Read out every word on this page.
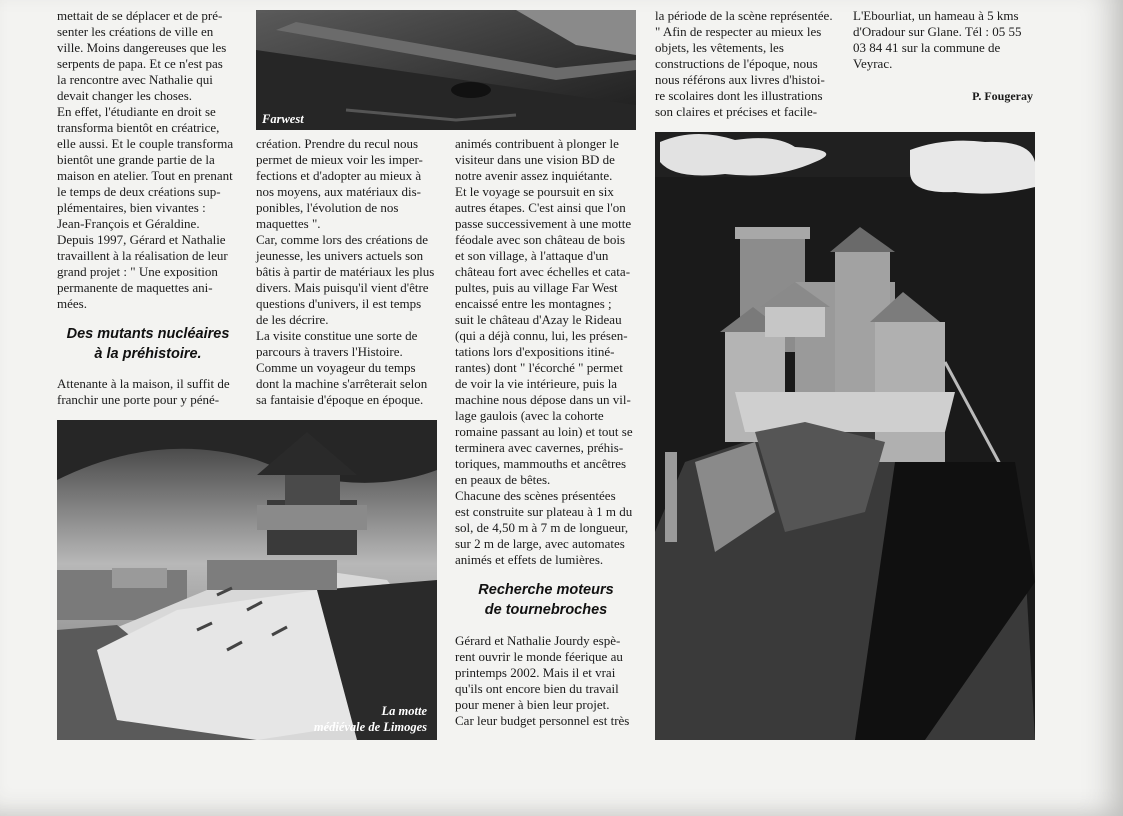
mettait de se déplacer et de pré-
senter les créations de ville en
ville. Moins dangereuses que les
serpents de papa. Et ce n'est pas
la rencontre avec Nathalie qui
devait changer les choses.
En effet, l'étudiante en droit se
transforma bientôt en créatrice,
elle aussi. Et le couple transforma
bientôt une grande partie de la
maison en atelier. Tout en prenant
le temps de deux créations sup-
plémentaires, bien vivantes :
Jean-François et Géraldine.
Depuis 1997, Gérard et Nathalie
travaillent à la réalisation de leur
grand projet : " Une exposition
permanente de maquettes ani-
mées.
Des mutants nucléaires
à la préhistoire.
Attenante à la maison, il suffit de
franchir une porte pour y péné-
Farwest
création. Prendre du recul nous
permet de mieux voir les imper-
fections et d'adopter au mieux à
nos moyens, aux matériaux dis-
ponibles, l'évolution de nos
maquettes ".
Car, comme lors des créations de
jeunesse, les univers actuels son
bâtis à partir de matériaux les plus
divers. Mais puisqu'il vient d'être
questions d'univers, il est temps
de les décrire.
La visite constitue une sorte de
parcours à travers l'Histoire.
Comme un voyageur du temps
dont la machine s'arrêterait selon
sa fantaisie d'époque en époque.
La motte
médiévale de Limoges
animés contribuent à plonger le
visiteur dans une vision BD de
notre avenir assez inquiétante.
Et le voyage se poursuit en six
autres étapes. C'est ainsi que l'on
passe successivement à une motte
féodale avec son château de bois
et son village, à l'attaque d'un
château fort avec échelles et cata-
pultes, puis au village Far West
encaissé entre les montagnes ;
suit le château d'Azay le Rideau
(qui a déjà connu, lui, les présen-
tations lors d'expositions itiné-
rantes) dont " l'écorché " permet
de voir la vie intérieure, puis la
machine nous dépose dans un vil-
lage gaulois (avec la cohorte
romaine passant au loin) et tout se
terminera avec cavernes, préhis-
toriques, mammouths et ancêtres
en peaux de bêtes.
Chacune des scènes présentées
est construite sur plateau à 1 m du
sol, de 4,50 m à 7 m de longueur,
sur 2 m de large, avec automates
animés et effets de lumières.
Recherche moteurs
de tournebroches
Gérard et Nathalie Jourdy espè-
rent ouvrir le monde féerique au
printemps 2002. Mais il et vrai
qu'ils ont encore bien du travail
pour mener à bien leur projet.
Car leur budget personnel est très
la période de la scène représentée.
" Afin de respecter au mieux les
objets, les vêtements, les
constructions de l'époque, nous
nous référons aux livres d'histoi-
re scolaires dont les illustrations
son claires et précises et facile-
L'Ebourliat, un hameau à 5 kms
d'Oradour sur Glane. Tél : 05 55
03 84 41 sur la commune de
Veyrac.
P. Fougeray
